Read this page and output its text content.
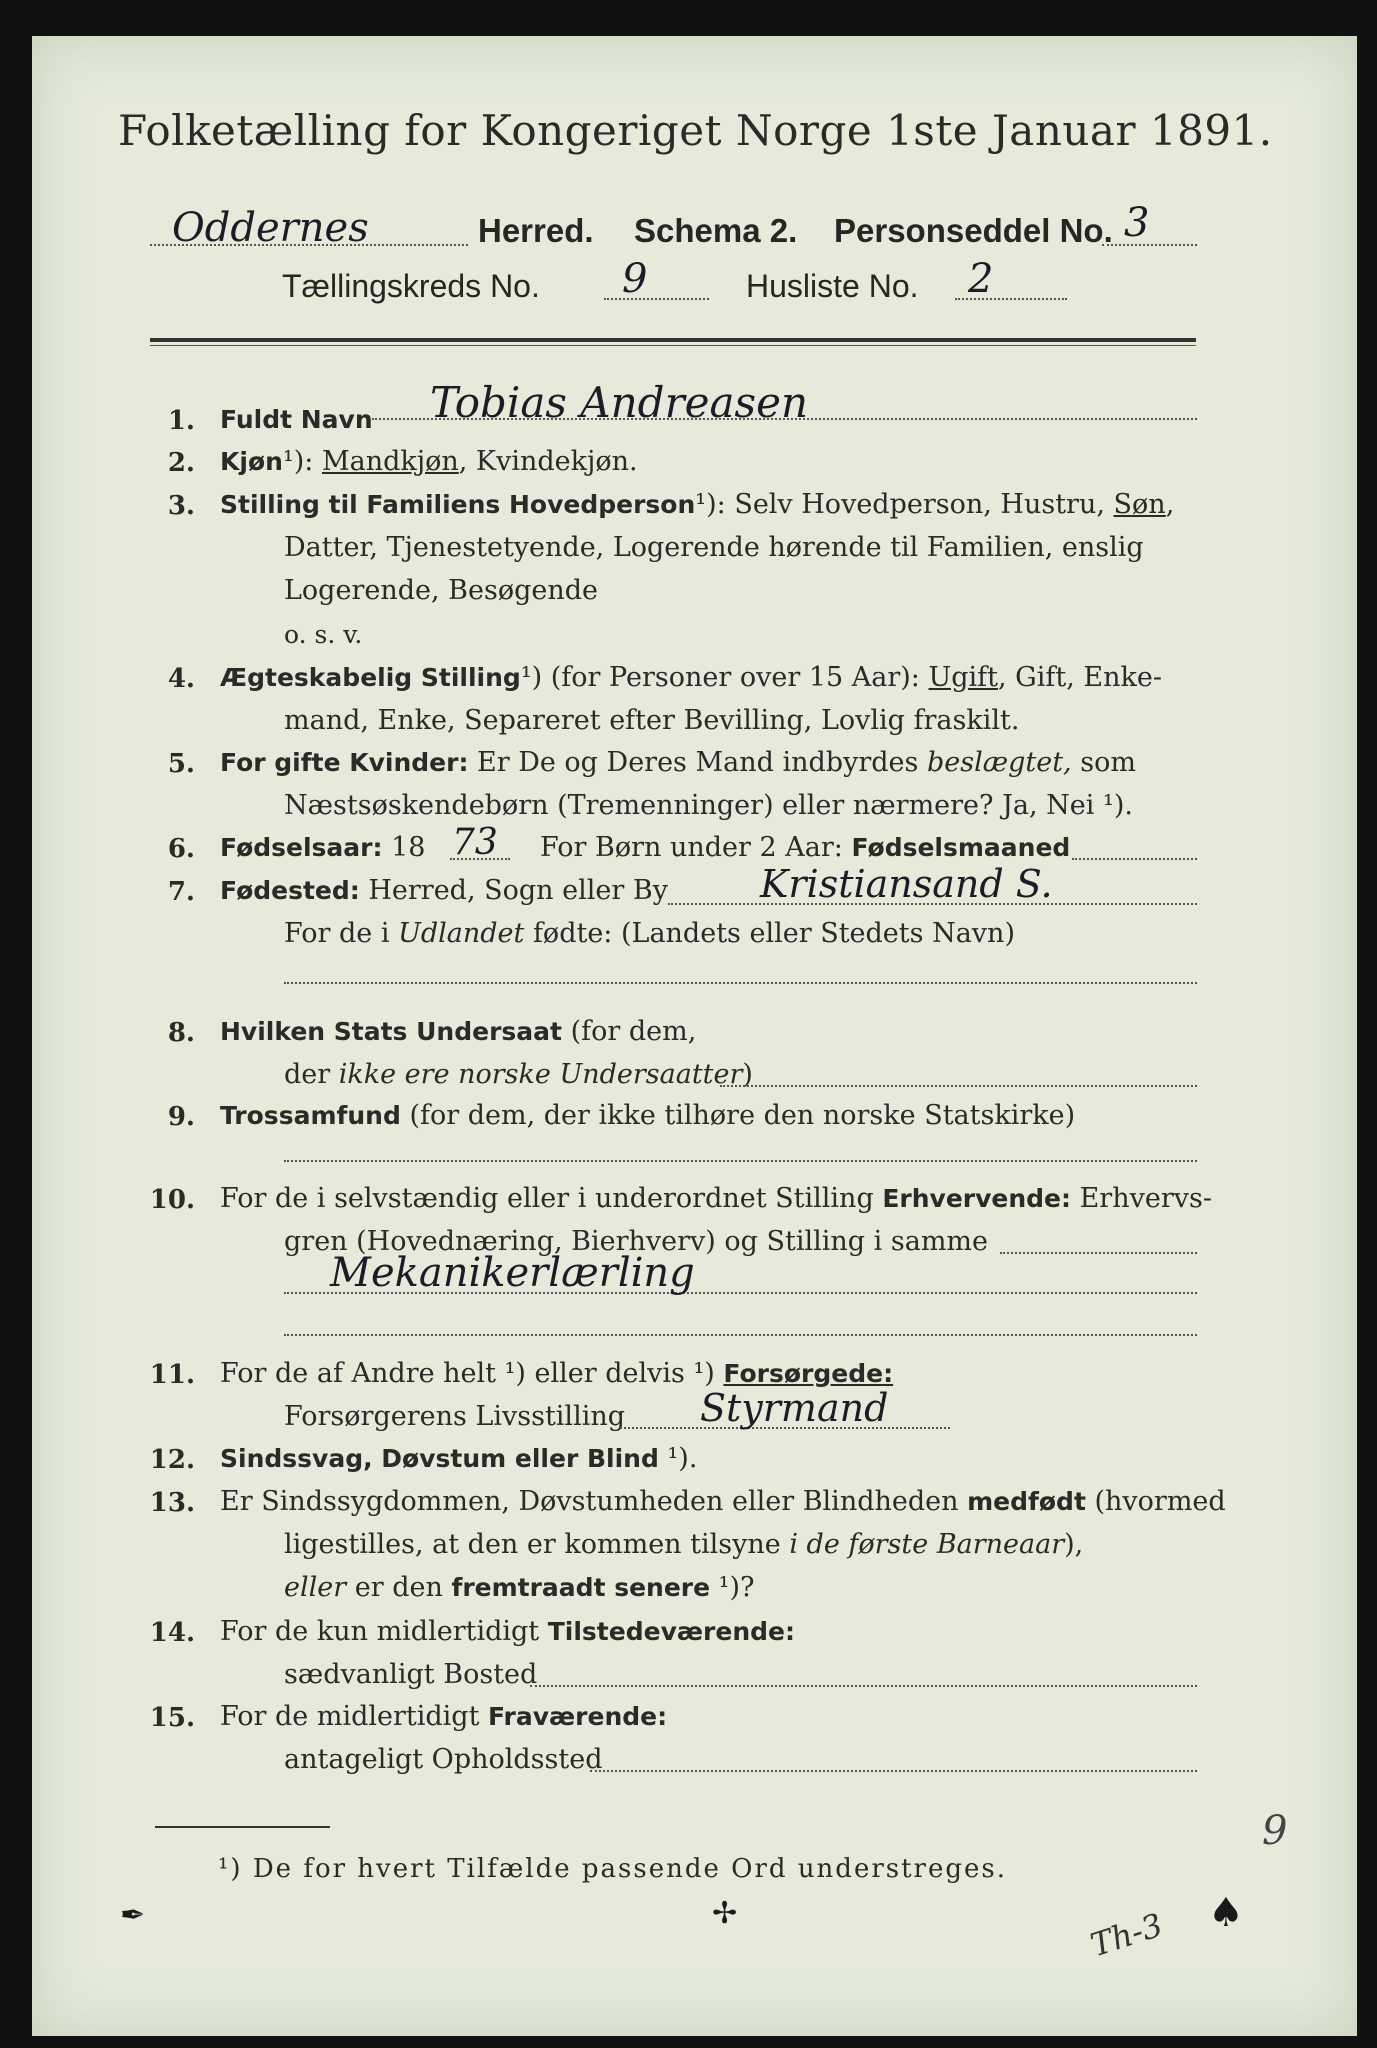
Folketælling for Kongeriget Norge 1ste Januar 1891.
Oddernes	Herred. Schema 2. Personseddel No. 3
Tællingskreds No. 9	Husliste No. 2
1. Fuldt Navn Tobias Andreasen
2. Kjøn¹): Mandkjøn, Kvindekjøn.
3. Stilling til Familiens Hovedperson¹): Selv Hovedperson, Hustru, Søn,
Datter, Tjenestetyende, Logerende hørende til Familien, enslig
Logerende, Besøgende
o. s. v.
4. Ægteskabelig Stilling¹) (for Personer over 15 Aar): Ugift, Gift, Enke-
mand, Enke, Separeret efter Bevilling, Lovlig fraskilt.
5. For gifte Kvinder: Er De og Deres Mand indbyrdes beslægtet, som
Næstsøskendebørn (Tremenninger) eller nærmere? Ja, Nei ¹).
6. Fødselsaar: 18 73 For Børn under 2 Aar: Fødselsmaaned
7. Fødested: Herred, Sogn eller By Kristiansand S.
For de i Udlandet fødte: (Landets eller Stedets Navn)
8. Hvilken Stats Undersaat (for dem,
der ikke ere norske Undersaatter)
9. Trossamfund (for dem, der ikke tilhøre den norske Statskirke)
10. For de i selvstændig eller i underordnet Stilling Erhvervende: Erhvervs-
gren (Hovednæring, Bierhverv) og Stilling i samme
Mekanikerlærling
11. For de af Andre helt ¹) eller delvis ¹) Forsørgede:
Forsørgerens Livsstilling Styrmand
12. Sindssvag, Døvstum eller Blind ¹).
13. Er Sindssygdommen, Døvstumheden eller Blindheden medfødt (hvormed
ligestilles, at den er kommen tilsyne i de første Barneaar),
eller er den fremtraadt senere ¹)?
14. For de kun midlertidigt Tilstedeværende:
sædvanligt Bosted
15. For de midlertidigt Fraværende:
antageligt Opholdssted
¹) De for hvert Tilfælde passende Ord understreges.
✒	✢	Th-3
9
♠
